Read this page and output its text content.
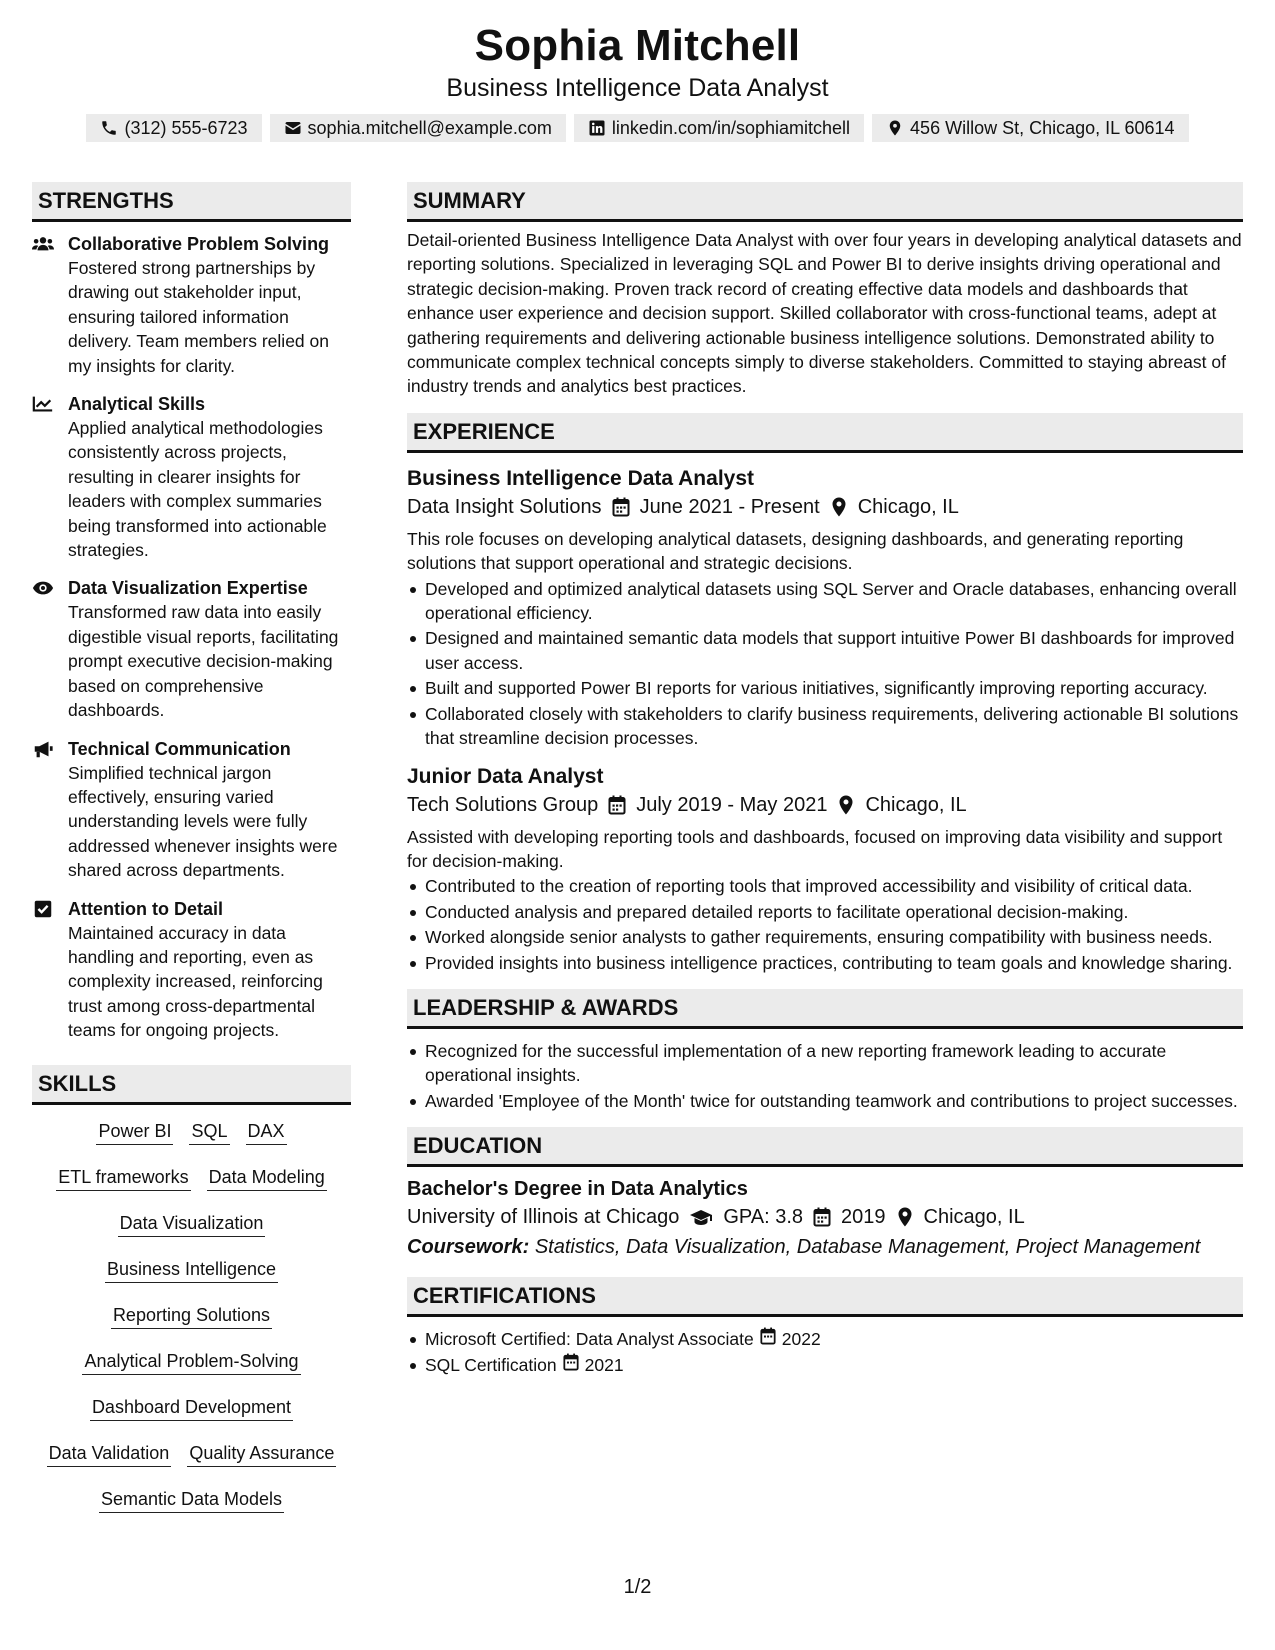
Sophia Mitchell
Business Intelligence Data Analyst
(312) 555-6723	sophia.mitchell@example.com	linkedin.com/in/sophiamitchell	456 Willow St, Chicago, IL 60614
STRENGTHS
Collaborative Problem Solving
Fostered strong partnerships by drawing out stakeholder input, ensuring tailored information delivery. Team members relied on my insights for clarity.
Analytical Skills
Applied analytical methodologies consistently across projects, resulting in clearer insights for leaders with complex summaries being transformed into actionable strategies.
Data Visualization Expertise
Transformed raw data into easily digestible visual reports, facilitating prompt executive decision-making based on comprehensive dashboards.
Technical Communication
Simplified technical jargon effectively, ensuring varied understanding levels were fully addressed whenever insights were shared across departments.
Attention to Detail
Maintained accuracy in data handling and reporting, even as complexity increased, reinforcing trust among cross-departmental teams for ongoing projects.
SKILLS
Power BI SQL DAX
ETL frameworks Data Modeling
Data Visualization
Business Intelligence
Reporting Solutions
Analytical Problem-Solving
Dashboard Development
Data Validation Quality Assurance
Semantic Data Models
SUMMARY
Detail-oriented Business Intelligence Data Analyst with over four years in developing analytical datasets and reporting solutions. Specialized in leveraging SQL and Power BI to derive insights driving operational and strategic decision-making. Proven track record of creating effective data models and dashboards that enhance user experience and decision support. Skilled collaborator with cross-functional teams, adept at gathering requirements and delivering actionable business intelligence solutions. Demonstrated ability to communicate complex technical concepts simply to diverse stakeholders. Committed to staying abreast of industry trends and analytics best practices.
EXPERIENCE
Business Intelligence Data Analyst
Data Insight Solutions June 2021 - Present Chicago, IL
This role focuses on developing analytical datasets, designing dashboards, and generating reporting solutions that support operational and strategic decisions.
Developed and optimized analytical datasets using SQL Server and Oracle databases, enhancing overall operational efficiency.
Designed and maintained semantic data models that support intuitive Power BI dashboards for improved user access.
Built and supported Power BI reports for various initiatives, significantly improving reporting accuracy.
Collaborated closely with stakeholders to clarify business requirements, delivering actionable BI solutions that streamline decision processes.
Junior Data Analyst
Tech Solutions Group July 2019 - May 2021 Chicago, IL
Assisted with developing reporting tools and dashboards, focused on improving data visibility and support for decision-making.
Contributed to the creation of reporting tools that improved accessibility and visibility of critical data.
Conducted analysis and prepared detailed reports to facilitate operational decision-making.
Worked alongside senior analysts to gather requirements, ensuring compatibility with business needs.
Provided insights into business intelligence practices, contributing to team goals and knowledge sharing.
LEADERSHIP & AWARDS
Recognized for the successful implementation of a new reporting framework leading to accurate operational insights.
Awarded 'Employee of the Month' twice for outstanding teamwork and contributions to project successes.
EDUCATION
Bachelor's Degree in Data Analytics
University of Illinois at Chicago GPA: 3.8 2019 Chicago, IL
Coursework: Statistics, Data Visualization, Database Management, Project Management
CERTIFICATIONS
Microsoft Certified: Data Analyst Associate 2022
SQL Certification 2021
1/2
